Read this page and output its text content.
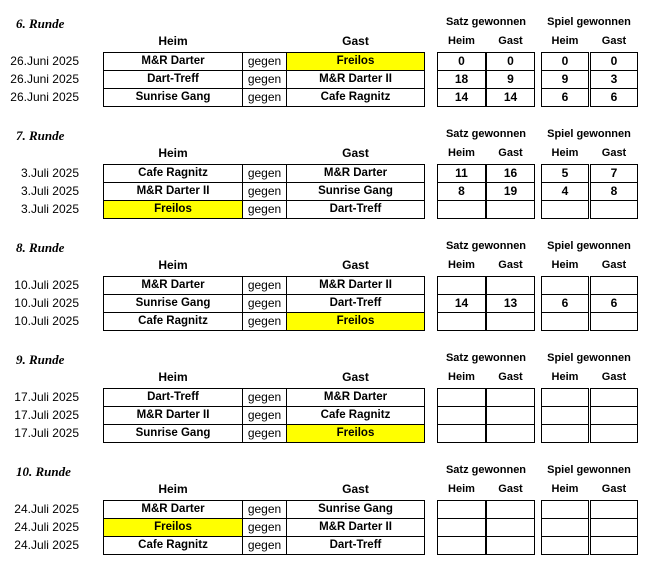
6. Runde	Satz gewonnen	Spiel gewonnen
Heim	Gast	Heim	Gast	Heim	Gast
26.Juni 2025	M&R Darter	gegen	Freilos	0	0	0	0
26.Juni 2025	Dart-Treff	gegen	M&R Darter II	18	9	9	3
26.Juni 2025	Sunrise Gang	gegen	Cafe Ragnitz	14	14	6	6
7. Runde	Satz gewonnen	Spiel gewonnen
Heim	Gast	Heim	Gast	Heim	Gast
3.Juli 2025	Cafe Ragnitz	gegen	M&R Darter	11	16	5	7
3.Juli 2025	M&R Darter II	gegen	Sunrise Gang	8	19	4	8
3.Juli 2025	Freilos	gegen	Dart-Treff
8. Runde	Satz gewonnen	Spiel gewonnen
Heim	Gast	Heim	Gast	Heim	Gast
10.Juli 2025	M&R Darter	gegen	M&R Darter II
10.Juli 2025	Sunrise Gang	gegen	Dart-Treff	14	13	6	6
10.Juli 2025	Cafe Ragnitz	gegen	Freilos
9. Runde	Satz gewonnen	Spiel gewonnen
Heim	Gast	Heim	Gast	Heim	Gast
17.Juli 2025	Dart-Treff	gegen	M&R Darter
17.Juli 2025	M&R Darter II	gegen	Cafe Ragnitz
17.Juli 2025	Sunrise Gang	gegen	Freilos
10. Runde	Satz gewonnen	Spiel gewonnen
Heim	Gast	Heim	Gast	Heim	Gast
24.Juli 2025	M&R Darter	gegen	Sunrise Gang
24.Juli 2025	Freilos	gegen	M&R Darter II
24.Juli 2025	Cafe Ragnitz	gegen	Dart-Treff
